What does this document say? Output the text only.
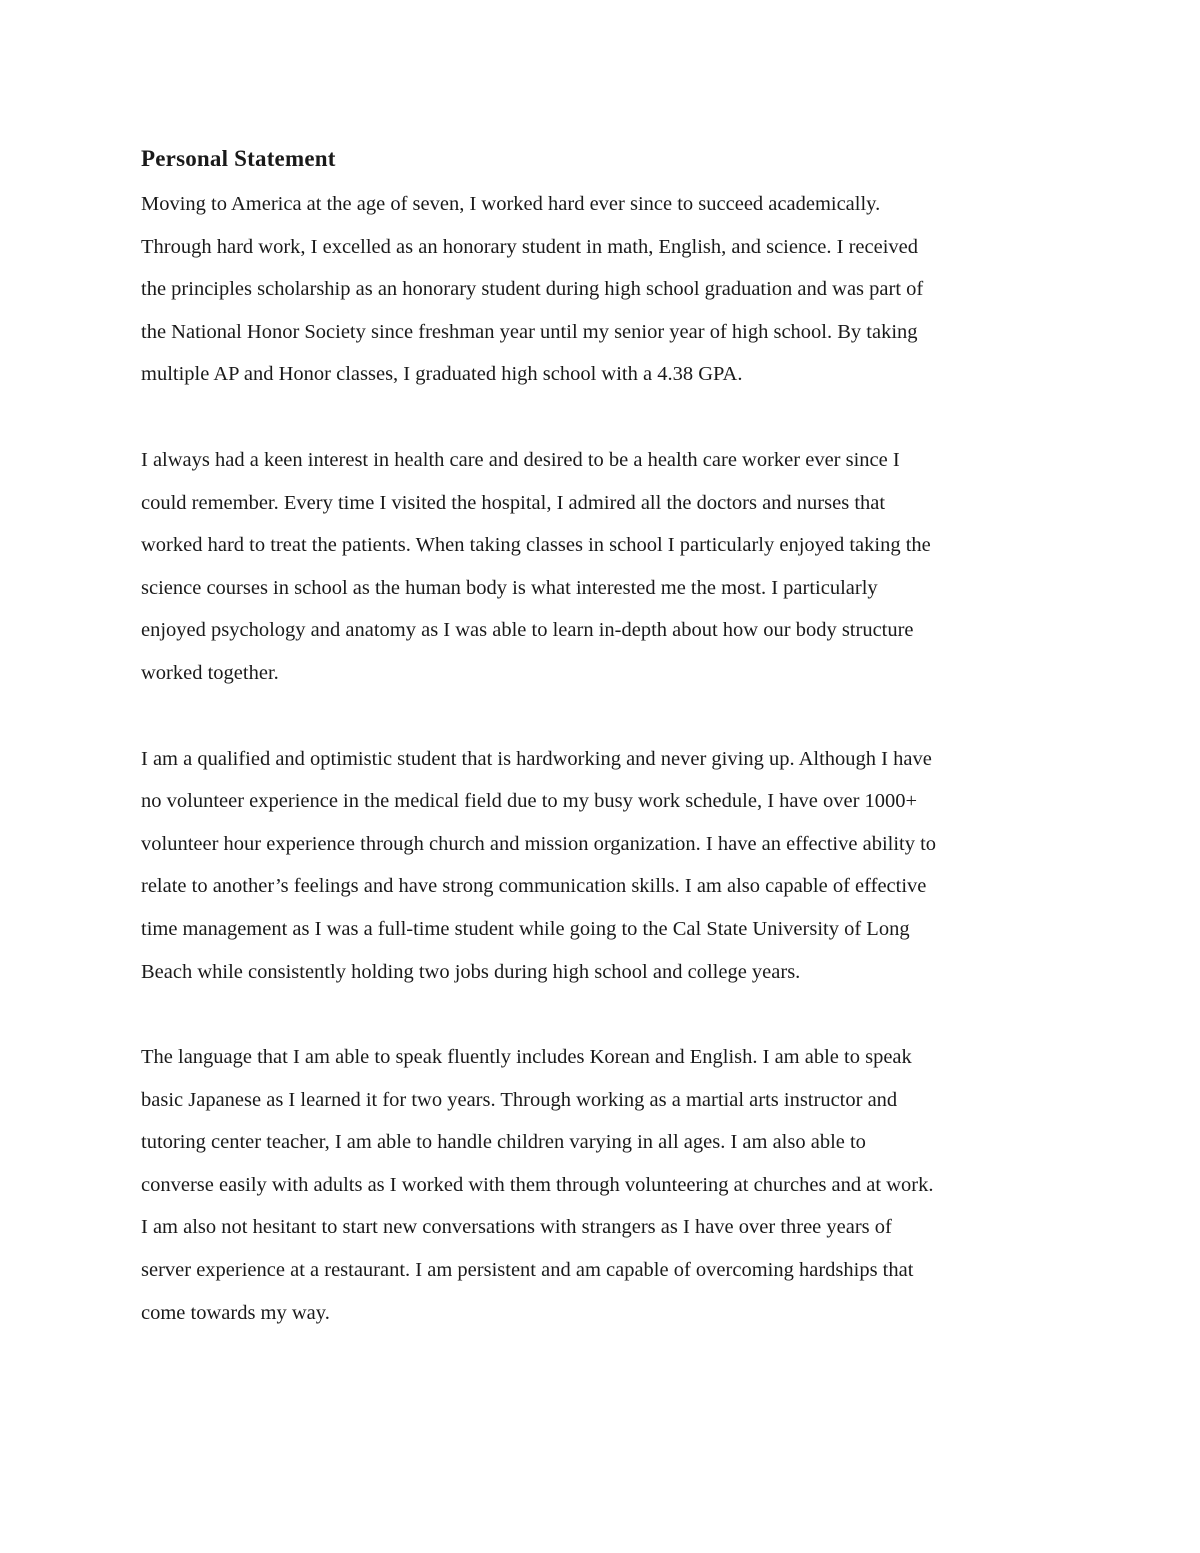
Personal Statement

Moving to America at the age of seven, I worked hard ever since to succeed academically.
Through hard work, I excelled as an honorary student in math, English, and science. I received
the principles scholarship as an honorary student during high school graduation and was part of
the National Honor Society since freshman year until my senior year of high school. By taking
multiple AP and Honor classes, I graduated high school with a 4.38 GPA.

I always had a keen interest in health care and desired to be a health care worker ever since I
could remember. Every time I visited the hospital, I admired all the doctors and nurses that
worked hard to treat the patients. When taking classes in school I particularly enjoyed taking the
science courses in school as the human body is what interested me the most. I particularly
enjoyed psychology and anatomy as I was able to learn in-depth about how our body structure
worked together.

I am a qualified and optimistic student that is hardworking and never giving up. Although I have
no volunteer experience in the medical field due to my busy work schedule, I have over 1000+
volunteer hour experience through church and mission organization. I have an effective ability to
relate to another’s feelings and have strong communication skills. I am also capable of effective
time management as I was a full-time student while going to the Cal State University of Long
Beach while consistently holding two jobs during high school and college years.

The language that I am able to speak fluently includes Korean and English. I am able to speak
basic Japanese as I learned it for two years. Through working as a martial arts instructor and
tutoring center teacher, I am able to handle children varying in all ages. I am also able to
converse easily with adults as I worked with them through volunteering at churches and at work.
I am also not hesitant to start new conversations with strangers as I have over three years of
server experience at a restaurant. I am persistent and am capable of overcoming hardships that
come towards my way.
